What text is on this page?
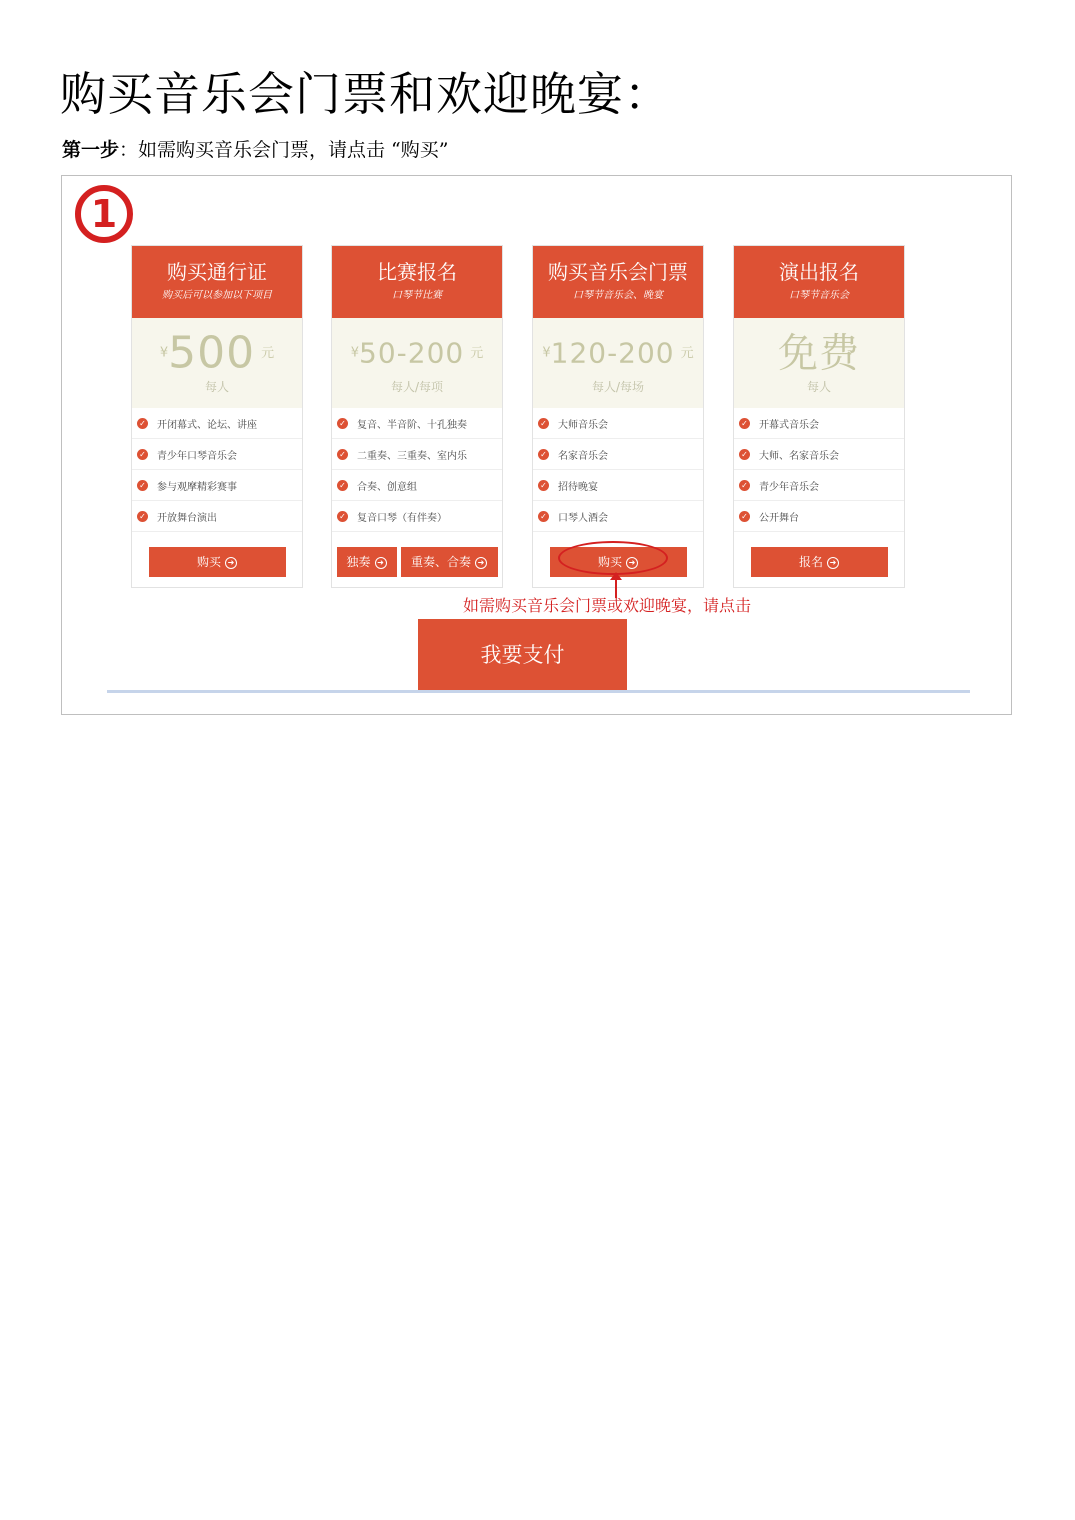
购买音乐会门票和欢迎晚宴：
第一步：如需购买音乐会门票，请点击 “购买”
1
购买通行证
购买后可以参加以下项目
¥500 元
每人
✓ 开闭幕式、论坛、讲座
✓ 青少年口琴音乐会
✓ 参与观摩精彩赛事
✓ 开放舞台演出
购买 ➜
比赛报名
口琴节比赛
¥50-200 元
每人/每项
✓ 复音、半音阶、十孔独奏
✓ 二重奏、三重奏、室内乐
✓ 合奏、创意组
✓ 复音口琴（有伴奏）
独奏 ➜	重奏、合奏 ➜
购买音乐会门票
口琴节音乐会、晚宴
¥120-200 元
每人/每场
✓ 大师音乐会
✓ 名家音乐会
✓ 招待晚宴
✓ 口琴人酒会
购买 ➜
演出报名
口琴节音乐会
免费
每人
✓ 开幕式音乐会
✓ 大师、名家音乐会
✓ 青少年音乐会
✓ 公开舞台
报名 ➜
如需购买音乐会门票或欢迎晚宴，请点击
我要支付
